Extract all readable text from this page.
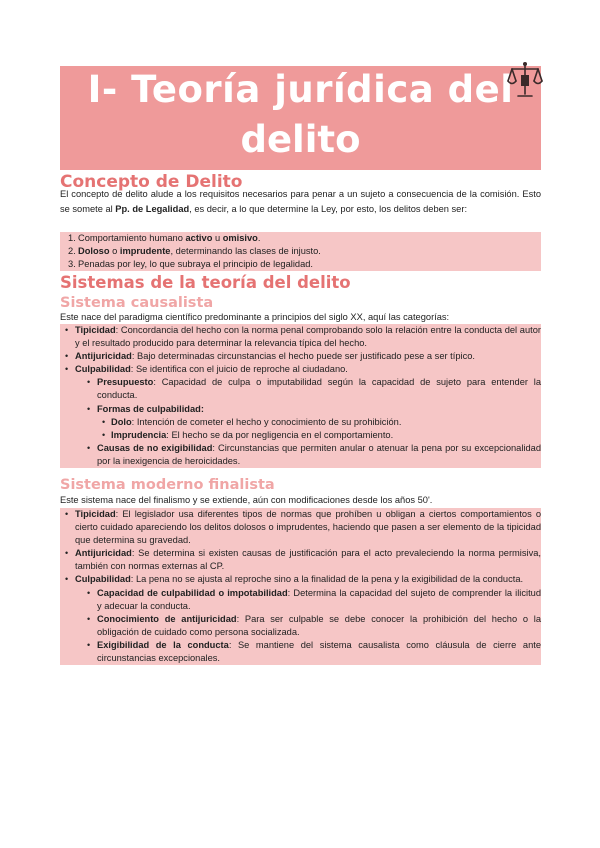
I- Teoría jurídica del
delito
Concepto de Delito

El concepto de delito alude a los requisitos necesarios para penar a un sujeto a consecuencia de la comisión. Esto se somete al Pp. de Legalidad, es decir, a lo que determine la Ley, por esto, los delitos deben ser:

1. Comportamiento humano activo u omisivo.
2. Doloso o imprudente, determinando las clases de injusto.
3. Penadas por ley, lo que subraya el principio de legalidad.
Sistemas de la teoría del delito
Sistema causalista

Este nace del paradigma científico predominante a principios del siglo XX, aquí las categorías:

• Tipicidad: Concordancia del hecho con la norma penal comprobando solo la relación entre la conducta del autor y el resultado producido para determinar la relevancia típica del hecho.
• Antijuricidad: Bajo determinadas circunstancias el hecho puede ser justificado pese a ser típico.
• Culpabilidad: Se identifica con el juicio de reproche al ciudadano.
• Presupuesto: Capacidad de culpa o imputabilidad según la capacidad de sujeto para entender la conducta.
• Formas de culpabilidad:
• Dolo: Intención de cometer el hecho y conocimiento de su prohibición.
• Imprudencia: El hecho se da por negligencia en el comportamiento.
• Causas de no exigibilidad: Circunstancias que permiten anular o atenuar la pena por su excepcionalidad por la inexigencia de heroicidades.
Sistema moderno finalista

Este sistema nace del finalismo y se extiende, aún con modificaciones desde los años 50'.

• Tipicidad: El legislador usa diferentes tipos de normas que prohíben u obligan a ciertos comportamientos o cierto cuidado apareciendo los delitos dolosos o imprudentes, haciendo que pasen a ser elemento de la tipicidad que determina su gravedad.
• Antijuricidad: Se determina si existen causas de justificación para el acto prevaleciendo la norma permisiva, también con normas externas al CP.
• Culpabilidad: La pena no se ajusta al reproche sino a la finalidad de la pena y la exigibilidad de la conducta.
• Capacidad de culpabilidad o impotabilidad: Determina la capacidad del sujeto de comprender la ilicitud y adecuar la conducta.
• Conocimiento de antijuricidad: Para ser culpable se debe conocer la prohibición del hecho o la obligación de cuidado como persona socializada.
• Exigibilidad de la conducta: Se mantiene del sistema causalista como cláusula de cierre ante circunstancias excepcionales.
